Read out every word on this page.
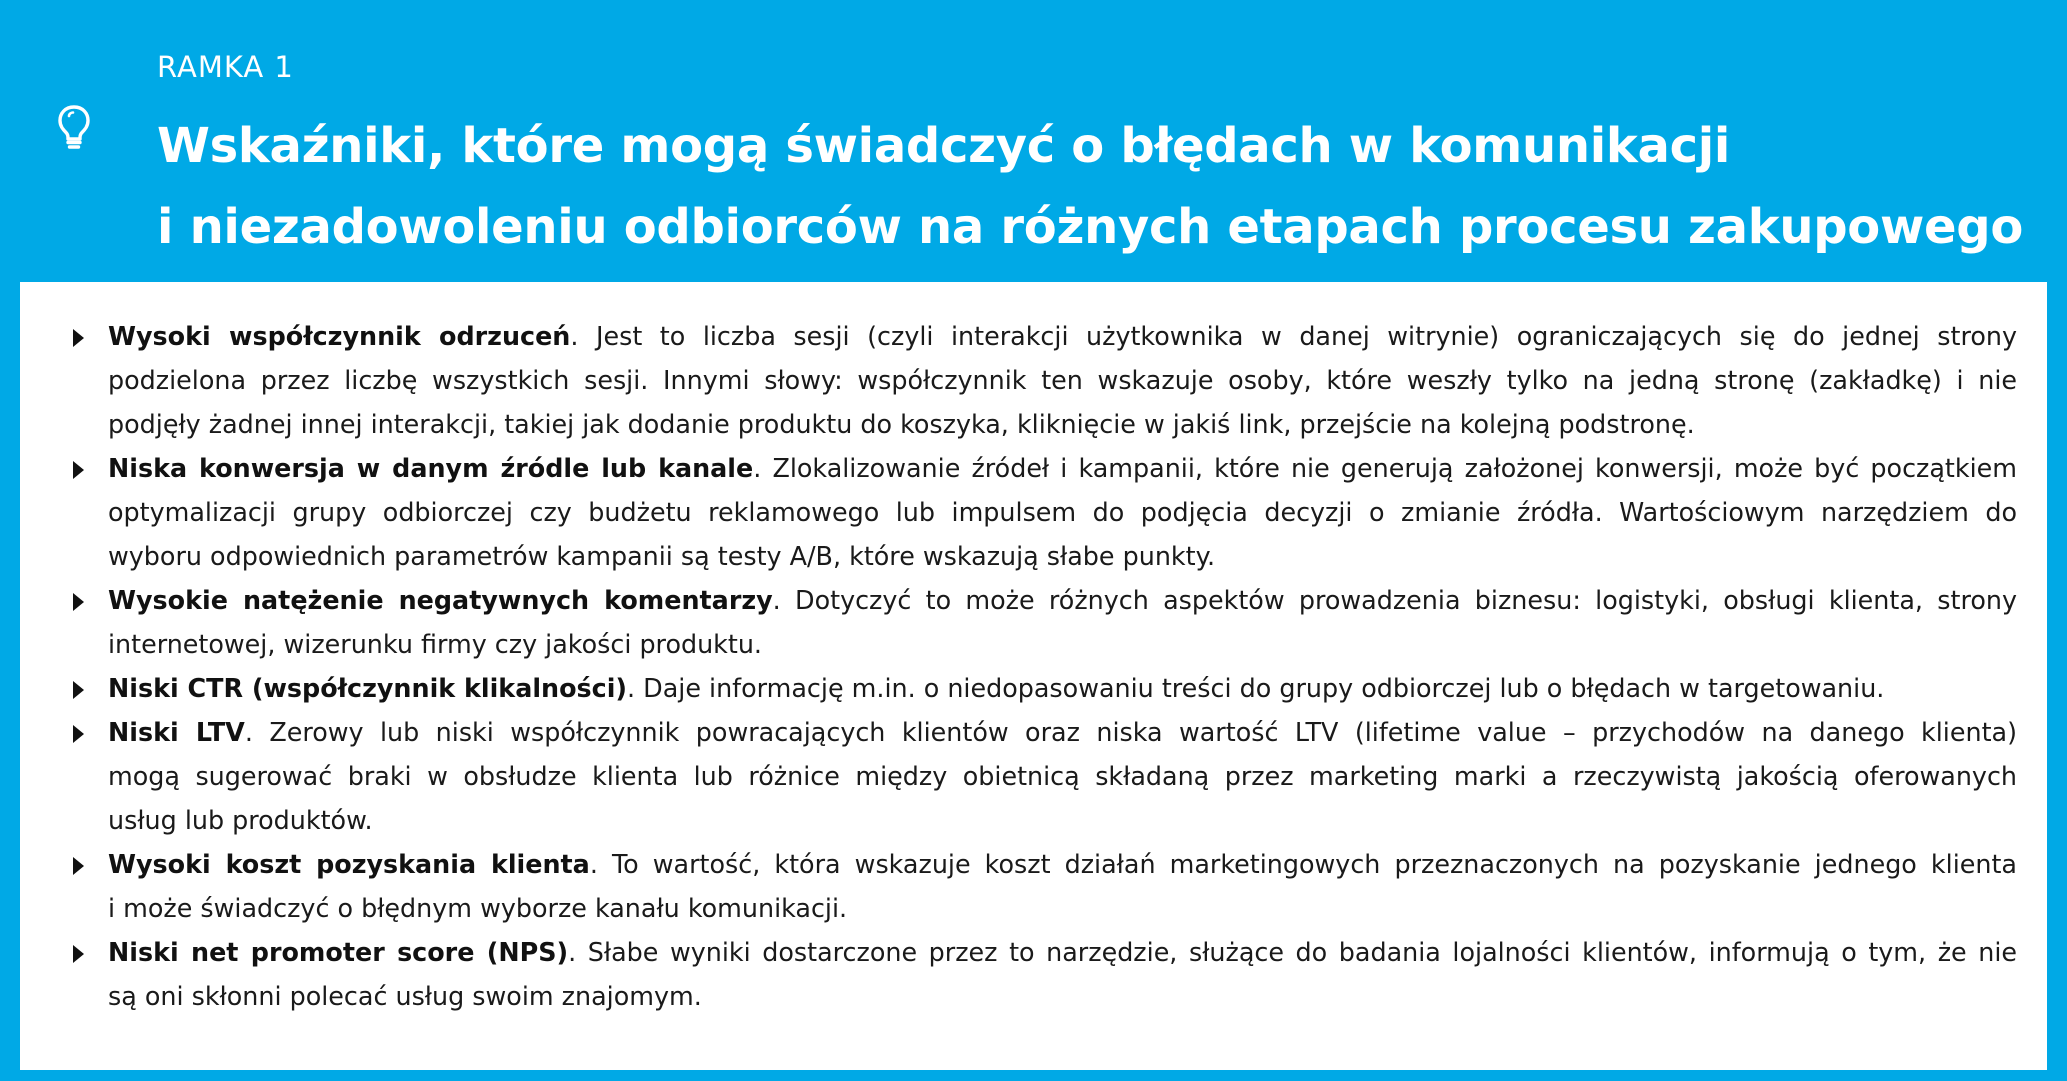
RAMKA 1
Wskaźniki, które mogą świadczyć o błędach w komunikacji
i niezadowoleniu odbiorców na różnych etapach procesu zakupowego
Wysoki współczynnik odrzuceń. Jest to liczba sesji (czyli interakcji użytkownika w danej witrynie) ograniczających się do jednej strony
podzielona przez liczbę wszystkich sesji. Innymi słowy: współczynnik ten wskazuje osoby, które weszły tylko na jedną stronę (zakładkę) i nie
podjęły żadnej innej interakcji, takiej jak dodanie produktu do koszyka, kliknięcie w jakiś link, przejście na kolejną podstronę.
Niska konwersja w danym źródle lub kanale. Zlokalizowanie źródeł i kampanii, które nie generują założonej konwersji, może być początkiem
optymalizacji grupy odbiorczej czy budżetu reklamowego lub impulsem do podjęcia decyzji o zmianie źródła. Wartościowym narzędziem do
wyboru odpowiednich parametrów kampanii są testy A/B, które wskazują słabe punkty.
Wysokie natężenie negatywnych komentarzy. Dotyczyć to może różnych aspektów prowadzenia biznesu: logistyki, obsługi klienta, strony
internetowej, wizerunku firmy czy jakości produktu.
Niski CTR (współczynnik klikalności). Daje informację m.in. o niedopasowaniu treści do grupy odbiorczej lub o błędach w targetowaniu.
Niski LTV. Zerowy lub niski współczynnik powracających klientów oraz niska wartość LTV (lifetime value – przychodów na danego klienta)
mogą sugerować braki w obsłudze klienta lub różnice między obietnicą składaną przez marketing marki a rzeczywistą jakością oferowanych
usług lub produktów.
Wysoki koszt pozyskania klienta. To wartość, która wskazuje koszt działań marketingowych przeznaczonych na pozyskanie jednego klienta
i może świadczyć o błędnym wyborze kanału komunikacji.
Niski net promoter score (NPS). Słabe wyniki dostarczone przez to narzędzie, służące do badania lojalności klientów, informują o tym, że nie
są oni skłonni polecać usług swoim znajomym.
